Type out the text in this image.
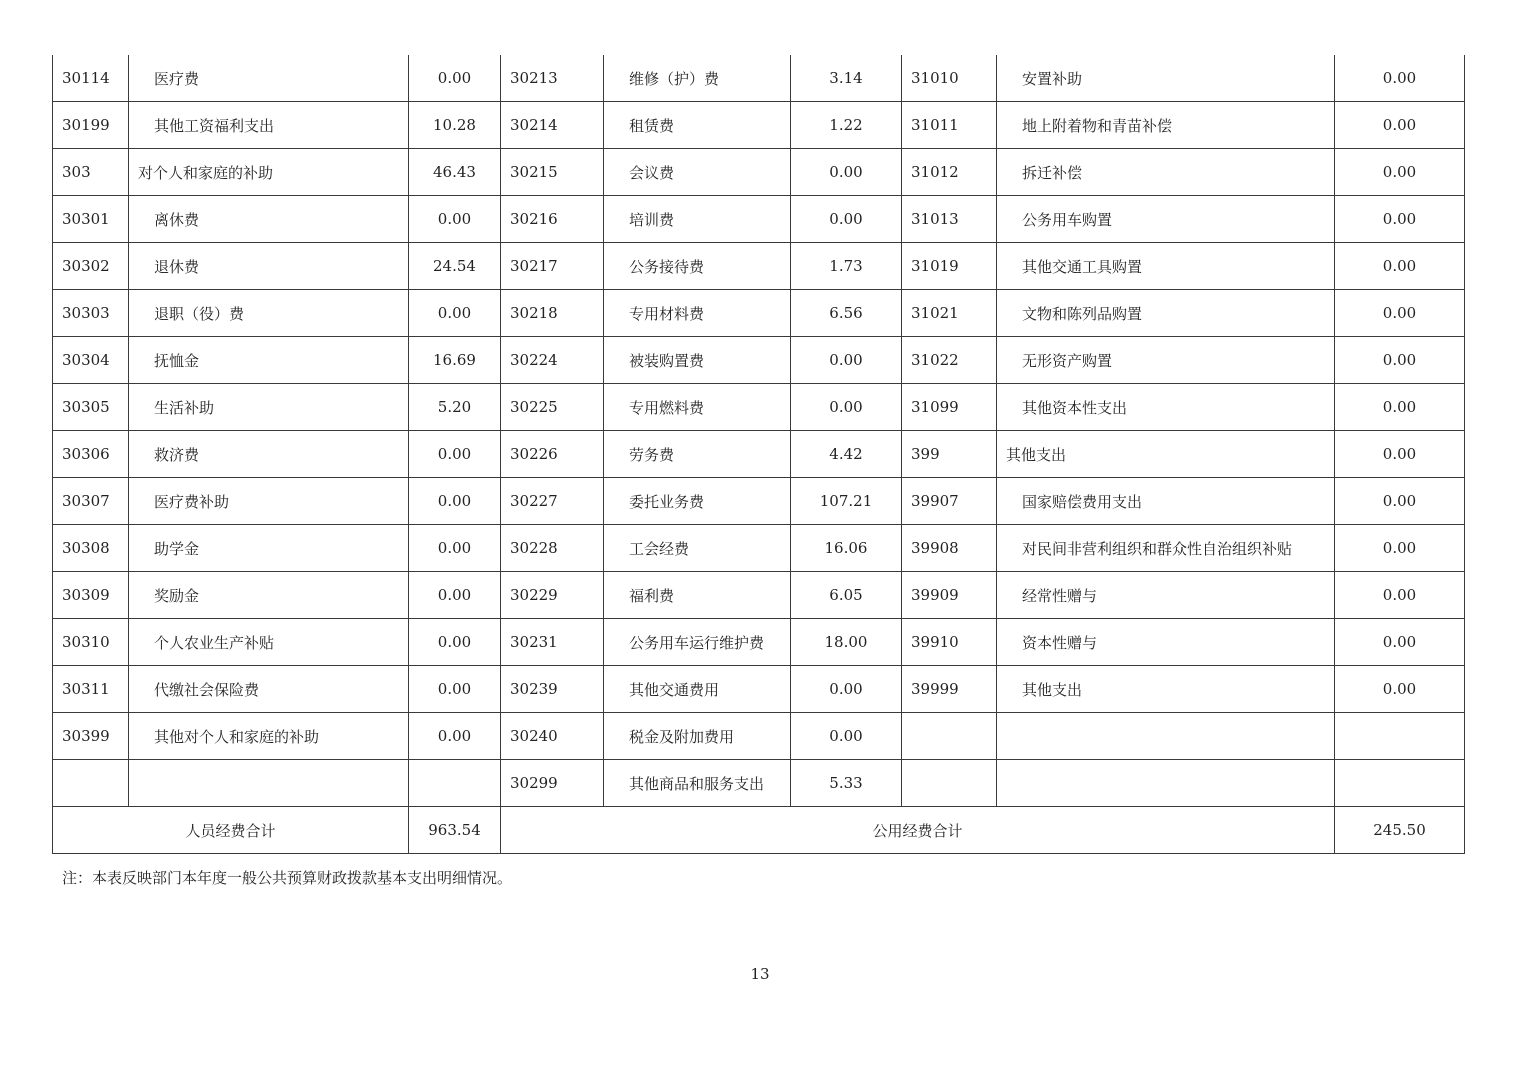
30114	医疗费	0.00	30213	维修（护）费	3.14	31010	安置补助	0.00
30199	其他工资福利支出	10.28	30214	租赁费	1.22	31011	地上附着物和青苗补偿	0.00
303	对个人和家庭的补助	46.43	30215	会议费	0.00	31012	拆迁补偿	0.00
30301	离休费	0.00	30216	培训费	0.00	31013	公务用车购置	0.00
30302	退休费	24.54	30217	公务接待费	1.73	31019	其他交通工具购置	0.00
30303	退职（役）费	0.00	30218	专用材料费	6.56	31021	文物和陈列品购置	0.00
30304	抚恤金	16.69	30224	被装购置费	0.00	31022	无形资产购置	0.00
30305	生活补助	5.20	30225	专用燃料费	0.00	31099	其他资本性支出	0.00
30306	救济费	0.00	30226	劳务费	4.42	399	其他支出	0.00
30307	医疗费补助	0.00	30227	委托业务费	107.21	39907	国家赔偿费用支出	0.00
30308	助学金	0.00	30228	工会经费	16.06	39908	对民间非营利组织和群众性自治组织补贴	0.00
30309	奖励金	0.00	30229	福利费	6.05	39909	经常性赠与	0.00
30310	个人农业生产补贴	0.00	30231	公务用车运行维护费	18.00	39910	资本性赠与	0.00
30311	代缴社会保险费	0.00	30239	其他交通费用	0.00	39999	其他支出	0.00
30399	其他对个人和家庭的补助	0.00	30240	税金及附加费用	0.00			
			30299	其他商品和服务支出	5.33			
人员经费合计		963.54	公用经费合计					245.50

注：本表反映部门本年度一般公共预算财政拨款基本支出明细情况。

13
